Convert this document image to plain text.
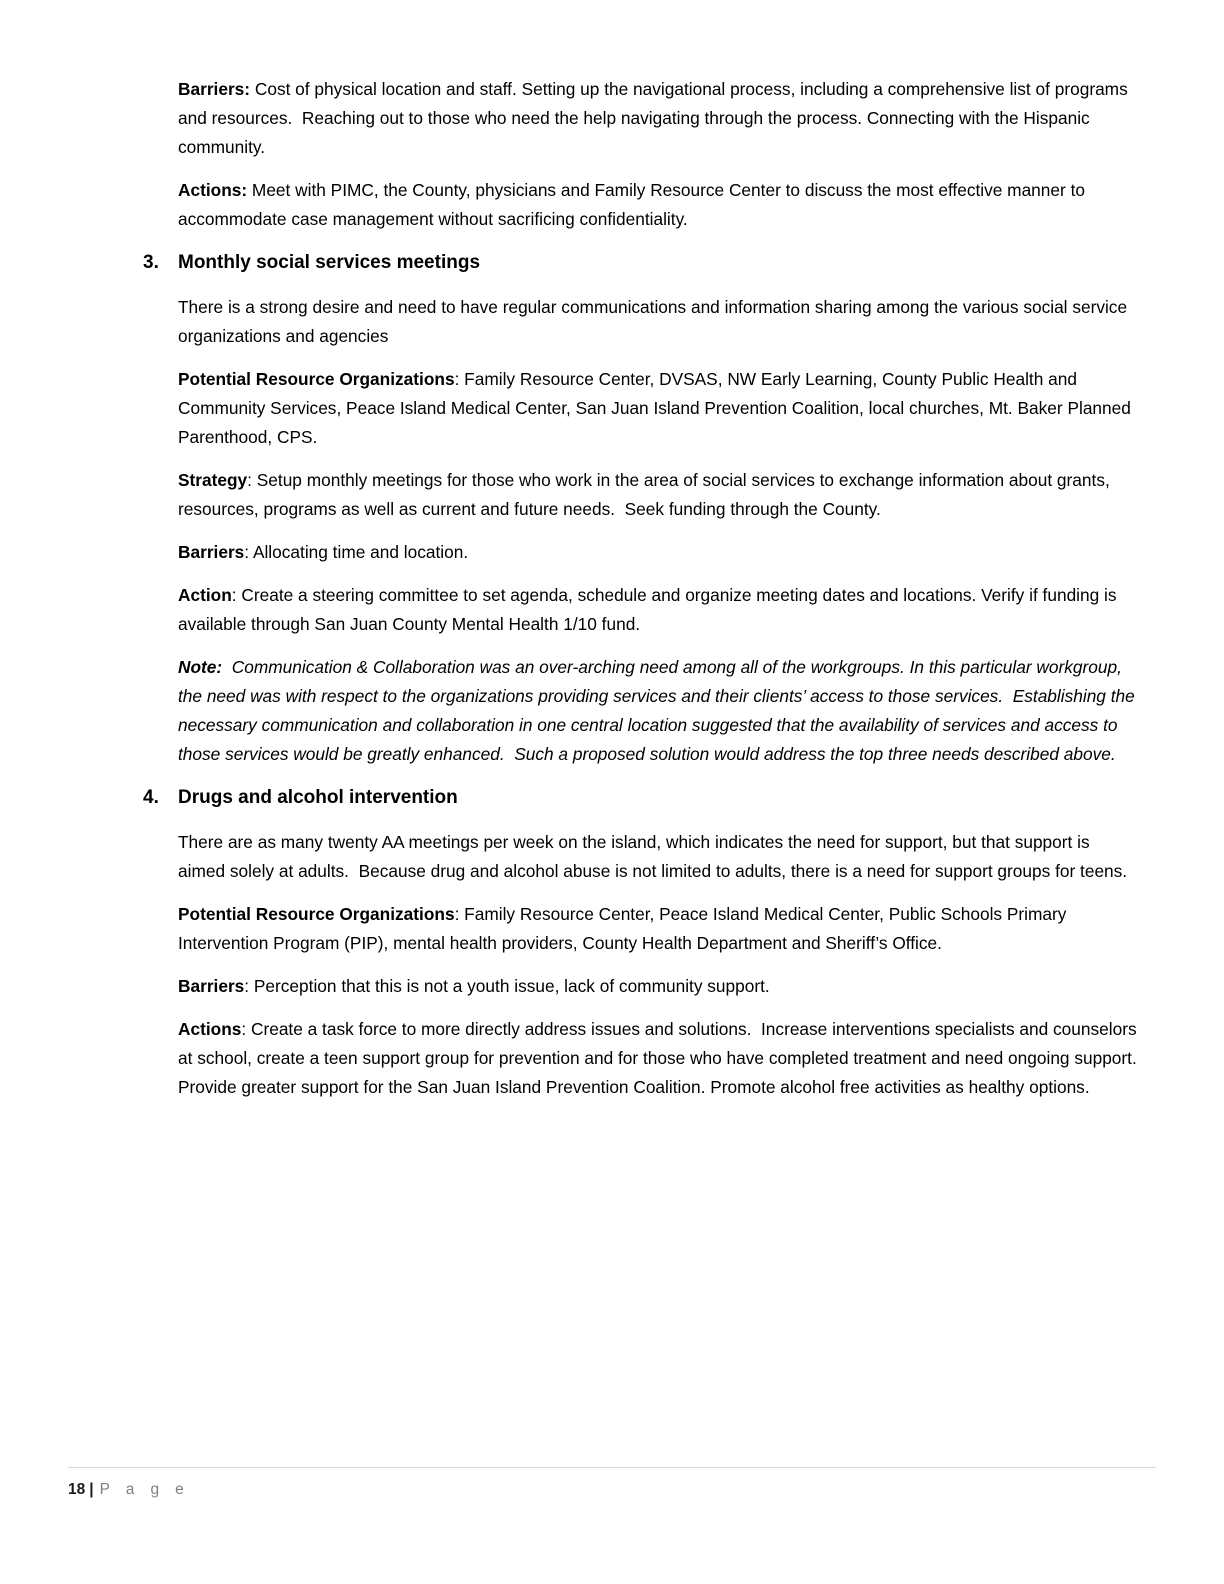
Barriers: Cost of physical location and staff. Setting up the navigational process, including a comprehensive list of programs and resources.  Reaching out to those who need the help navigating through the process. Connecting with the Hispanic community.

Actions: Meet with PIMC, the County, physicians and Family Resource Center to discuss the most effective manner to accommodate case management without sacrificing confidentiality.

3. Monthly social services meetings

There is a strong desire and need to have regular communications and information sharing among the various social service organizations and agencies

Potential Resource Organizations: Family Resource Center, DVSAS, NW Early Learning, County Public Health and Community Services, Peace Island Medical Center, San Juan Island Prevention Coalition, local churches, Mt. Baker Planned Parenthood, CPS.

Strategy: Setup monthly meetings for those who work in the area of social services to exchange information about grants, resources, programs as well as current and future needs.  Seek funding through the County.

Barriers: Allocating time and location.

Action: Create a steering committee to set agenda, schedule and organize meeting dates and locations. Verify if funding is available through San Juan County Mental Health 1/10 fund.

Note:  Communication & Collaboration was an over-arching need among all of the workgroups. In this particular workgroup, the need was with respect to the organizations providing services and their clients’ access to those services.  Establishing the necessary communication and collaboration in one central location suggested that the availability of services and access to those services would be greatly enhanced.  Such a proposed solution would address the top three needs described above.

4. Drugs and alcohol intervention

There are as many twenty AA meetings per week on the island, which indicates the need for support, but that support is aimed solely at adults.  Because drug and alcohol abuse is not limited to adults, there is a need for support groups for teens.

Potential Resource Organizations: Family Resource Center, Peace Island Medical Center, Public Schools Primary Intervention Program (PIP), mental health providers, County Health Department and Sheriff’s Office.

Barriers: Perception that this is not a youth issue, lack of community support.

Actions: Create a task force to more directly address issues and solutions.  Increase interventions specialists and counselors at school, create a teen support group for prevention and for those who have completed treatment and need ongoing support. Provide greater support for the San Juan Island Prevention Coalition. Promote alcohol free activities as healthy options.

18 | P a g e
